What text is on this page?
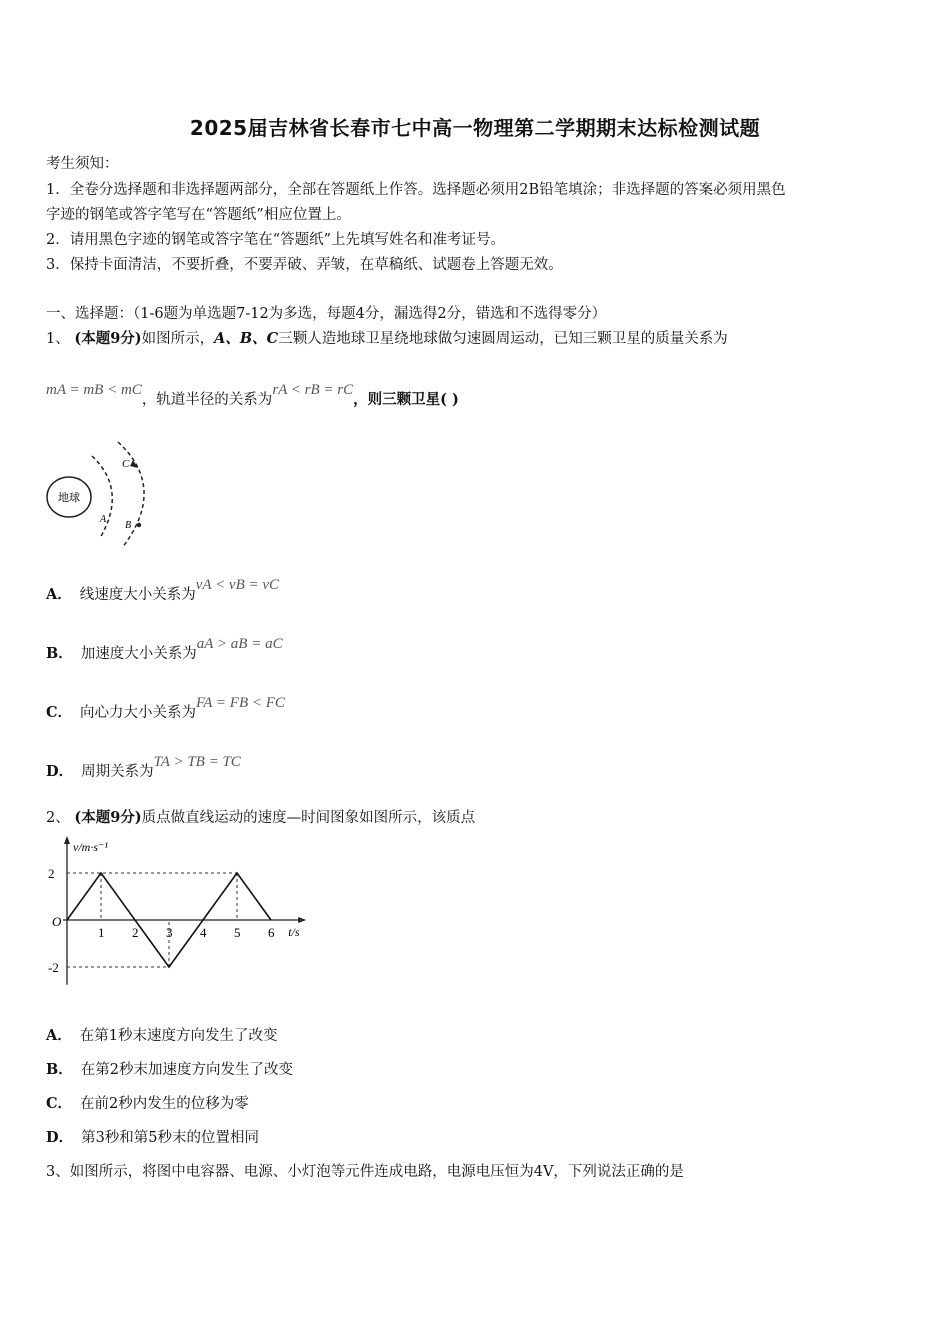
2025届吉林省长春市七中高一物理第二学期期末达标检测试题
考生须知：
1．全卷分选择题和非选择题两部分，全部在答题纸上作答。选择题必须用2B铅笔填涂；非选择题的答案必须用黑色
字迹的钢笔或答字笔写在“答题纸”相应位置上。
2．请用黑色字迹的钢笔或答字笔在“答题纸”上先填写姓名和准考证号。
3．保持卡面清洁，不要折叠，不要弄破、弄皱，在草稿纸、试题卷上答题无效。
一、选择题：（1-6题为单选题7-12为多选，每题4分，漏选得2分，错选和不选得零分）
1、 (本题9分)如图所示，A、B、C三颗人造地球卫星绕地球做匀速圆周运动，已知三颗卫星的质量关系为
mA = mB < mC，轨道半径的关系为rA < rB = rC，则三颗卫星( )
地球
C
A
B
A． 线速度大小关系为vA < vB = vC
B． 加速度大小关系为aA > aB = aC
C． 向心力大小关系为FA = FB < FC
D． 周期关系为TA > TB = TC
2、 (本题9分)质点做直线运动的速度—时间图象如图所示，该质点
v/m·s⁻¹
t/s
O
2
-2
1 2 3 4 5 6
A． 在第1秒末速度方向发生了改变
B． 在第2秒末加速度方向发生了改变
C． 在前2秒内发生的位移为零
D． 第3秒和第5秒末的位置相同
3、如图所示，将图中电容器、电源、小灯泡等元件连成电路，电源电压恒为4V，下列说法正确的是
